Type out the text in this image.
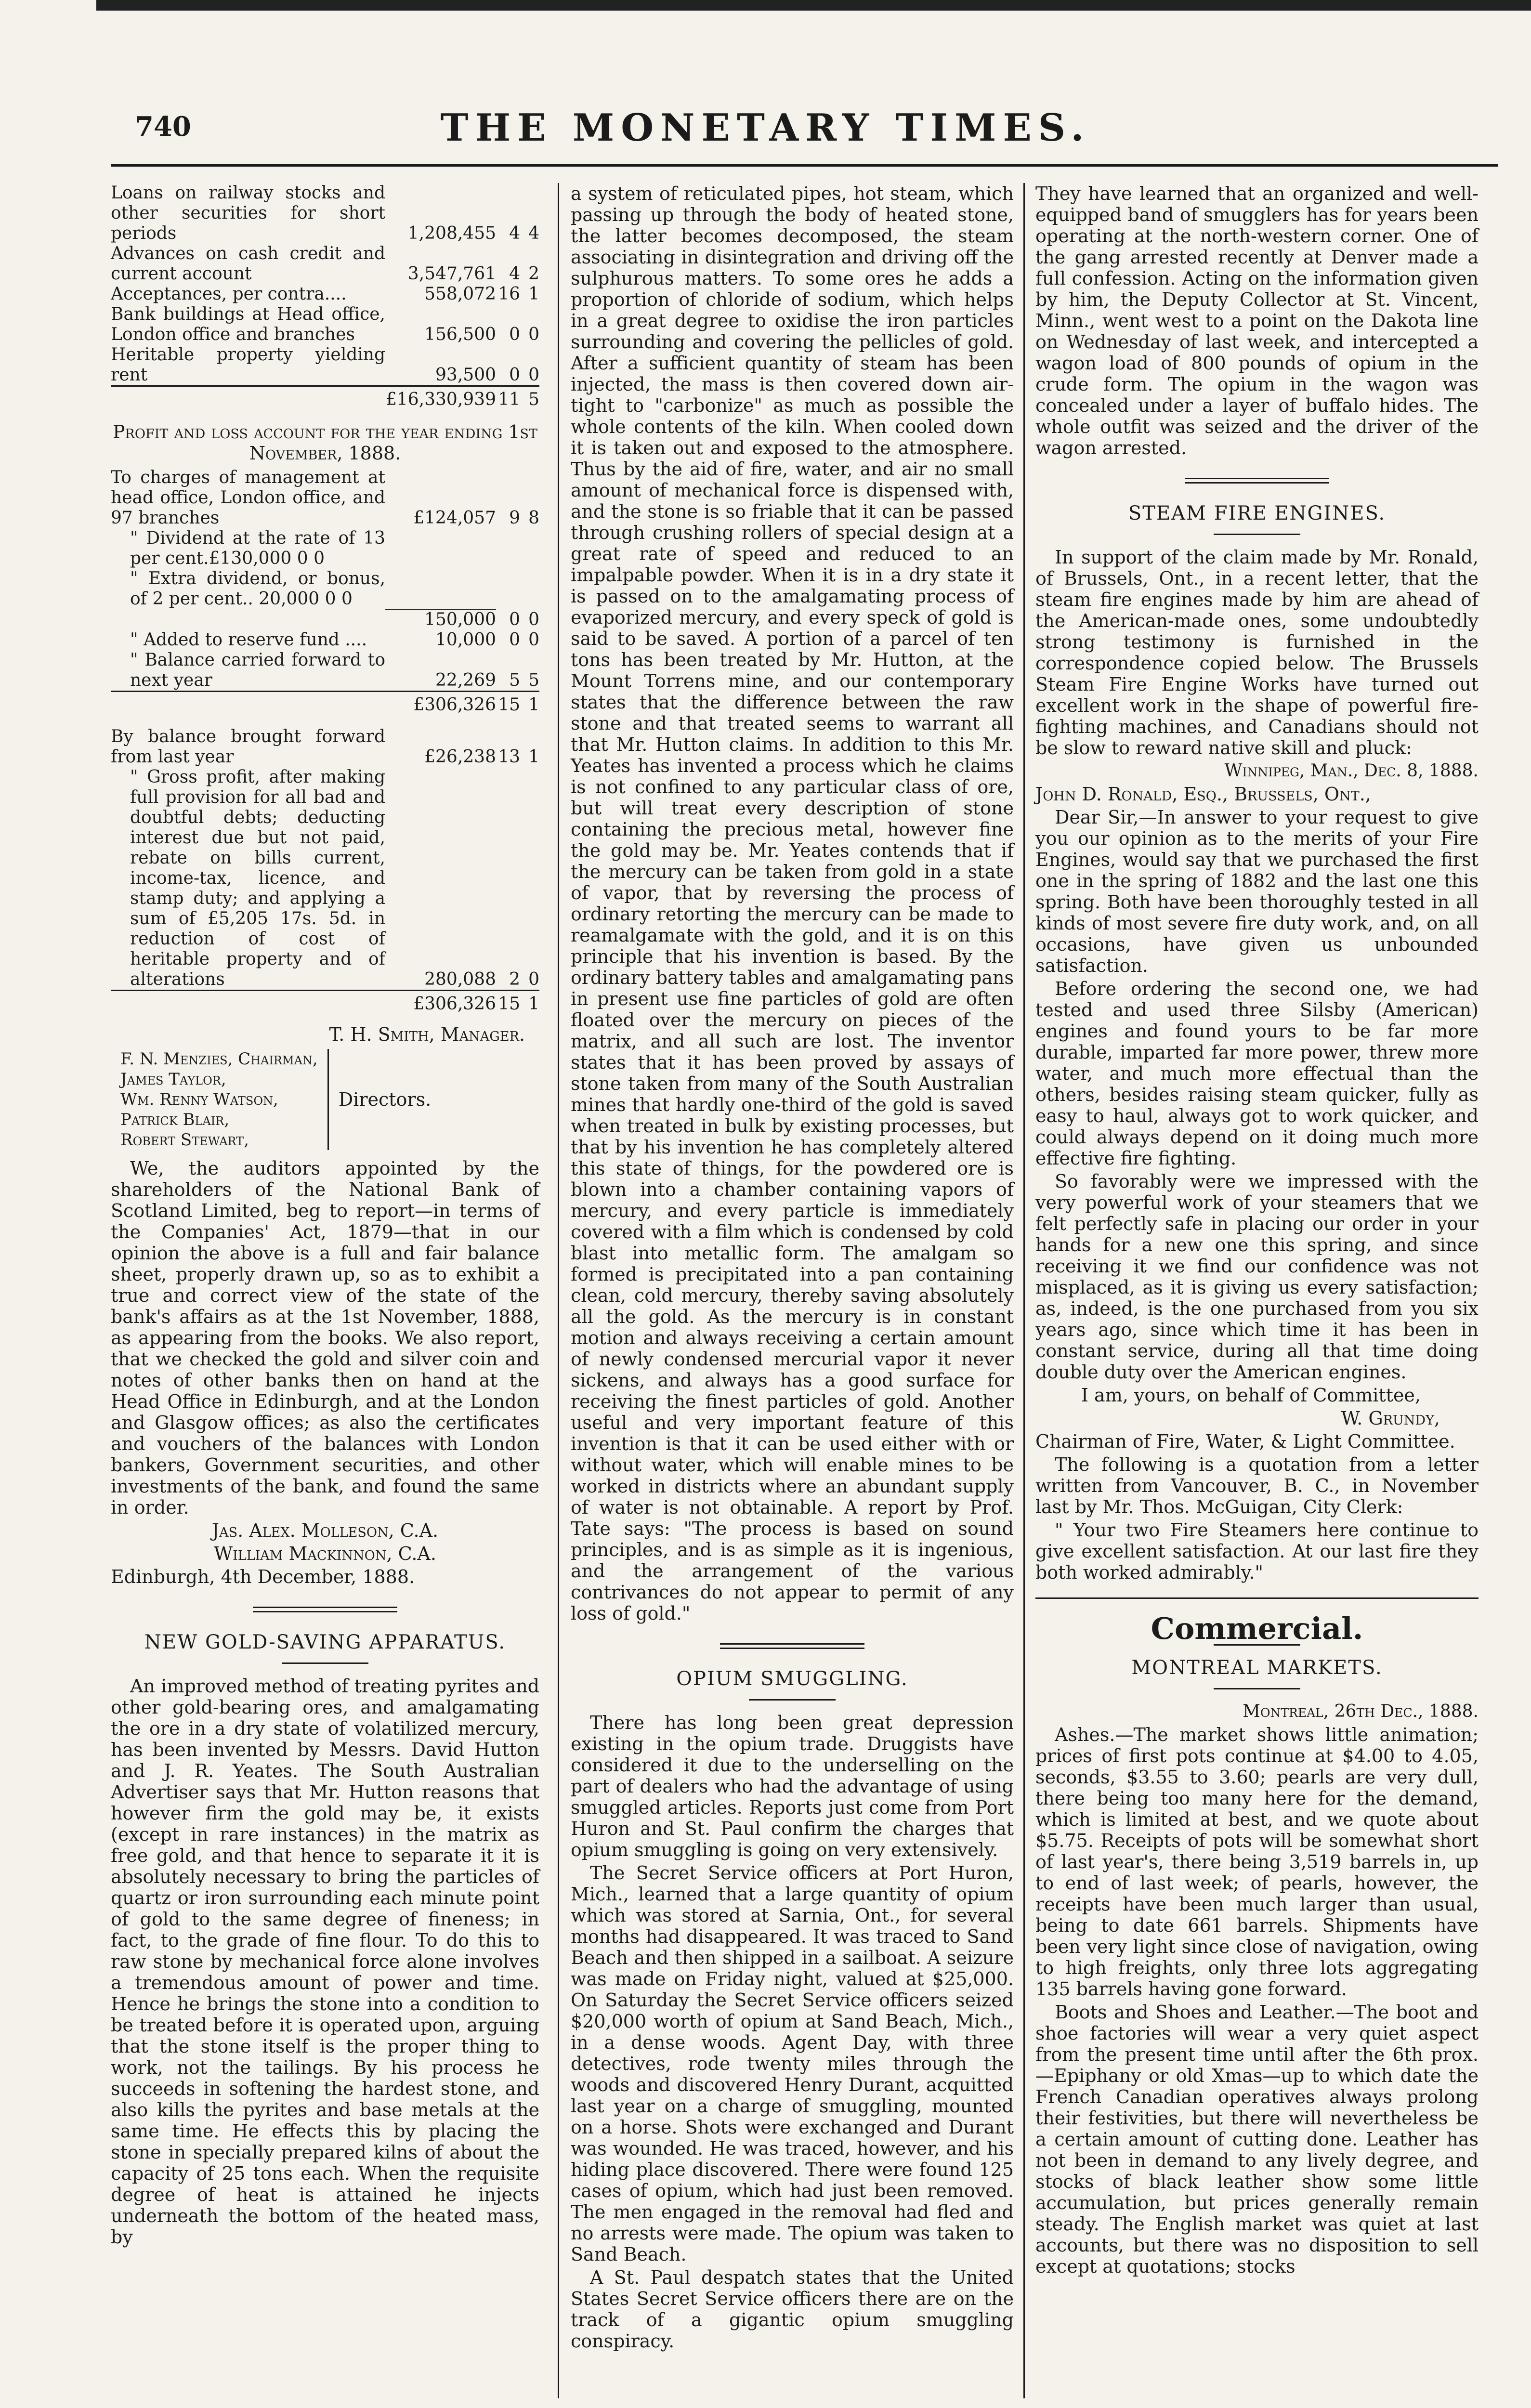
740	THE MONETARY TIMES.
Loans on railway stocks and other securities for short periods	1,208,455	4	4
Advances on cash credit and current account	3,547,761	4	2
Acceptances, per contra....	558,072	16	1
Bank buildings at Head office, London office and branches	156,500	0	0
Heritable property yielding rent	93,500	0	0
	£16,330,939	11	5

Profit and loss account for the year ending 1st November, 1888.

To charges of management at head office, London office, and 97 branches	£124,057	9	8
" Dividend at the rate of 13 per cent.£130,000 0 0			
" Extra dividend, or bonus, of 2 per cent.. 20,000 0 0			
	150,000	0	0
" Added to reserve fund ....	10,000	0	0
" Balance carried forward to next year	22,269	5	5
	£306,326	15	1
By balance brought forward from last year	£26,238	13	1
" Gross profit, after making full provision for all bad and doubtful debts; deducting interest due but not paid, rebate on bills current, income-tax, licence, and stamp duty; and applying a sum of £5,205 17s. 5d. in reduction of cost of heritable property and of alterations	280,088	2	0
	£306,326	15	1

T. H. Smith, Manager.

F. N. Menzies, Chairman,
James Taylor,
Wm. Renny Watson,
Patrick Blair,
Robert Stewart,
Directors.

We, the auditors appointed by the shareholders of the National Bank of Scotland Limited, beg to report—in terms of the Companies' Act, 1879—that in our opinion the above is a full and fair balance sheet, properly drawn up, so as to exhibit a true and correct view of the state of the bank's affairs as at the 1st November, 1888, as appearing from the books. We also report, that we checked the gold and silver coin and notes of other banks then on hand at the Head Office in Edinburgh, and at the London and Glasgow offices; as also the certificates and vouchers of the balances with London bankers, Government securities, and other investments of the bank, and found the same in order.

Jas. Alex. Molleson, C.A.

William Mackinnon, C.A.

Edinburgh, 4th December, 1888.

NEW GOLD-SAVING APPARATUS.

An improved method of treating pyrites and other gold-bearing ores, and amalgamating the ore in a dry state of volatilized mercury, has been invented by Messrs. David Hutton and J. R. Yeates. The South Australian Advertiser says that Mr. Hutton reasons that however firm the gold may be, it exists (except in rare instances) in the matrix as free gold, and that hence to separate it it is absolutely necessary to bring the particles of quartz or iron surrounding each minute point of gold to the same degree of fineness; in fact, to the grade of fine flour. To do this to raw stone by mechanical force alone involves a tremendous amount of power and time. Hence he brings the stone into a condition to be treated before it is operated upon, arguing that the stone itself is the proper thing to work, not the tailings. By his process he succeeds in softening the hardest stone, and also kills the pyrites and base metals at the same time. He effects this by placing the stone in specially prepared kilns of about the capacity of 25 tons each. When the requisite degree of heat is attained he injects underneath the bottom of the heated mass, by

a system of reticulated pipes, hot steam, which passing up through the body of heated stone, the latter becomes decomposed, the steam associating in disintegration and driving off the sulphurous matters. To some ores he adds a proportion of chloride of sodium, which helps in a great degree to oxidise the iron particles surrounding and covering the pellicles of gold. After a sufficient quantity of steam has been injected, the mass is then covered down air-tight to "carbonize" as much as possible the whole contents of the kiln. When cooled down it is taken out and exposed to the atmosphere. Thus by the aid of fire, water, and air no small amount of mechanical force is dispensed with, and the stone is so friable that it can be passed through crushing rollers of special design at a great rate of speed and reduced to an impalpable powder. When it is in a dry state it is passed on to the amalgamating process of evaporized mercury, and every speck of gold is said to be saved. A portion of a parcel of ten tons has been treated by Mr. Hutton, at the Mount Torrens mine, and our contemporary states that the difference between the raw stone and that treated seems to warrant all that Mr. Hutton claims. In addition to this Mr. Yeates has invented a process which he claims is not confined to any particular class of ore, but will treat every description of stone containing the precious metal, however fine the gold may be. Mr. Yeates contends that if the mercury can be taken from gold in a state of vapor, that by reversing the process of ordinary retorting the mercury can be made to reamalgamate with the gold, and it is on this principle that his invention is based. By the ordinary battery tables and amalgamating pans in present use fine particles of gold are often floated over the mercury on pieces of the matrix, and all such are lost. The inventor states that it has been proved by assays of stone taken from many of the South Australian mines that hardly one-third of the gold is saved when treated in bulk by existing processes, but that by his invention he has completely altered this state of things, for the powdered ore is blown into a chamber containing vapors of mercury, and every particle is immediately covered with a film which is condensed by cold blast into metallic form. The amalgam so formed is precipitated into a pan containing clean, cold mercury, thereby saving absolutely all the gold. As the mercury is in constant motion and always receiving a certain amount of newly condensed mercurial vapor it never sickens, and always has a good surface for receiving the finest particles of gold. Another useful and very important feature of this invention is that it can be used either with or without water, which will enable mines to be worked in districts where an abundant supply of water is not obtainable. A report by Prof. Tate says: "The process is based on sound principles, and is as simple as it is ingenious, and the arrangement of the various contrivances do not appear to permit of any loss of gold."

OPIUM SMUGGLING.

There has long been great depression existing in the opium trade. Druggists have considered it due to the underselling on the part of dealers who had the advantage of using smuggled articles. Reports just come from Port Huron and St. Paul confirm the charges that opium smuggling is going on very extensively.

The Secret Service officers at Port Huron, Mich., learned that a large quantity of opium which was stored at Sarnia, Ont., for several months had disappeared. It was traced to Sand Beach and then shipped in a sailboat. A seizure was made on Friday night, valued at $25,000. On Saturday the Secret Service officers seized $20,000 worth of opium at Sand Beach, Mich., in a dense woods. Agent Day, with three detectives, rode twenty miles through the woods and discovered Henry Durant, acquitted last year on a charge of smuggling, mounted on a horse. Shots were exchanged and Durant was wounded. He was traced, however, and his hiding place discovered. There were found 125 cases of opium, which had just been removed. The men engaged in the removal had fled and no arrests were made. The opium was taken to Sand Beach.

A St. Paul despatch states that the United States Secret Service officers there are on the track of a gigantic opium smuggling conspiracy.

They have learned that an organized and well-equipped band of smugglers has for years been operating at the north-western corner. One of the gang arrested recently at Denver made a full confession. Acting on the information given by him, the Deputy Collector at St. Vincent, Minn., went west to a point on the Dakota line on Wednesday of last week, and intercepted a wagon load of 800 pounds of opium in the crude form. The opium in the wagon was concealed under a layer of buffalo hides. The whole outfit was seized and the driver of the wagon arrested.

STEAM FIRE ENGINES.

In support of the claim made by Mr. Ronald, of Brussels, Ont., in a recent letter, that the steam fire engines made by him are ahead of the American-made ones, some undoubtedly strong testimony is furnished in the correspondence copied below. The Brussels Steam Fire Engine Works have turned out excellent work in the shape of powerful fire-fighting machines, and Canadians should not be slow to reward native skill and pluck:

Winnipeg, Man., Dec. 8, 1888.

John D. Ronald, Esq., Brussels, Ont.,

Dear Sir,—In answer to your request to give you our opinion as to the merits of your Fire Engines, would say that we purchased the first one in the spring of 1882 and the last one this spring. Both have been thoroughly tested in all kinds of most severe fire duty work, and, on all occasions, have given us unbounded satisfaction.

Before ordering the second one, we had tested and used three Silsby (American) engines and found yours to be far more durable, imparted far more power, threw more water, and much more effectual than the others, besides raising steam quicker, fully as easy to haul, always got to work quicker, and could always depend on it doing much more effective fire fighting.

So favorably were we impressed with the very powerful work of your steamers that we felt perfectly safe in placing our order in your hands for a new one this spring, and since receiving it we find our confidence was not misplaced, as it is giving us every satisfaction; as, indeed, is the one purchased from you six years ago, since which time it has been in constant service, during all that time doing double duty over the American engines.

I am, yours, on behalf of Committee,

W. Grundy,

Chairman of Fire, Water, & Light Committee.

The following is a quotation from a letter written from Vancouver, B. C., in November last by Mr. Thos. McGuigan, City Clerk:

" Your two Fire Steamers here continue to give excellent satisfaction. At our last fire they both worked admirably."

Commercial.
MONTREAL MARKETS.

Montreal, 26th Dec., 1888.

Ashes.—The market shows little animation; prices of first pots continue at $4.00 to 4.05, seconds, $3.55 to 3.60; pearls are very dull, there being too many here for the demand, which is limited at best, and we quote about $5.75. Receipts of pots will be somewhat short of last year's, there being 3,519 barrels in, up to end of last week; of pearls, however, the receipts have been much larger than usual, being to date 661 barrels. Shipments have been very light since close of navigation, owing to high freights, only three lots aggregating 135 barrels having gone forward.

Boots and Shoes and Leather.—The boot and shoe factories will wear a very quiet aspect from the present time until after the 6th prox.—Epiphany or old Xmas—up to which date the French Canadian operatives always prolong their festivities, but there will nevertheless be a certain amount of cutting done. Leather has not been in demand to any lively degree, and stocks of black leather show some little accumulation, but prices generally remain steady. The English market was quiet at last accounts, but there was no disposition to sell except at quotations; stocks
